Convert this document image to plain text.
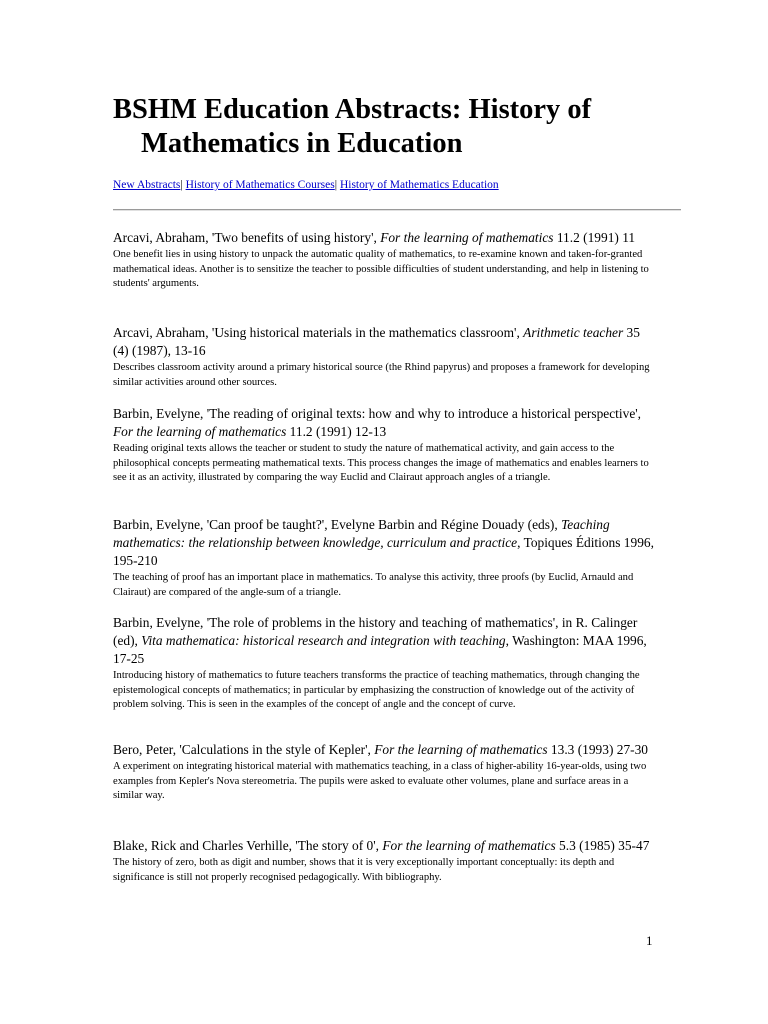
BSHM Education Abstracts: History of Mathematics in Education
New Abstracts| History of Mathematics Courses| History of Mathematics Education

Arcavi, Abraham, 'Two benefits of using history', For the learning of mathematics 11.2 (1991) 11

One benefit lies in using history to unpack the automatic quality of mathematics, to re-examine known and taken-for-granted mathematical ideas. Another is to sensitize the teacher to possible difficulties of student understanding, and help in listening to students' arguments.

Arcavi, Abraham, 'Using historical materials in the mathematics classroom', Arithmetic teacher 35 (4) (1987), 13-16

Describes classroom activity around a primary historical source (the Rhind papyrus) and proposes a framework for developing similar activities around other sources.

Barbin, Evelyne, 'The reading of original texts: how and why to introduce a historical perspective', For the learning of mathematics 11.2 (1991) 12-13

Reading original texts allows the teacher or student to study the nature of mathematical activity, and gain access to the philosophical concepts permeating mathematical texts. This process changes the image of mathematics and enables learners to see it as an activity, illustrated by comparing the way Euclid and Clairaut approach angles of a triangle.

Barbin, Evelyne, 'Can proof be taught?', Evelyne Barbin and Régine Douady (eds), Teaching mathematics: the relationship between knowledge, curriculum and practice, Topiques Éditions 1996, 195-210

The teaching of proof has an important place in mathematics. To analyse this activity, three proofs (by Euclid, Arnauld and Clairaut) are compared of the angle-sum of a triangle.

Barbin, Evelyne, 'The role of problems in the history and teaching of mathematics', in R. Calinger (ed), Vita mathematica: historical research and integration with teaching, Washington: MAA 1996, 17-25

Introducing history of mathematics to future teachers transforms the practice of teaching mathematics, through changing the epistemological concepts of mathematics; in particular by emphasizing the construction of knowledge out of the activity of problem solving. This is seen in the examples of the concept of angle and the concept of curve.

Bero, Peter, 'Calculations in the style of Kepler', For the learning of mathematics 13.3 (1993) 27-30

A experiment on integrating historical material with mathematics teaching, in a class of higher-ability 16-year-olds, using two examples from Kepler's Nova stereometria. The pupils were asked to evaluate other volumes, plane and surface areas in a similar way.

Blake, Rick and Charles Verhille, 'The story of 0', For the learning of mathematics 5.3 (1985) 35-47

The history of zero, both as digit and number, shows that it is very exceptionally important conceptually: its depth and significance is still not properly recognised pedagogically. With bibliography.

1
